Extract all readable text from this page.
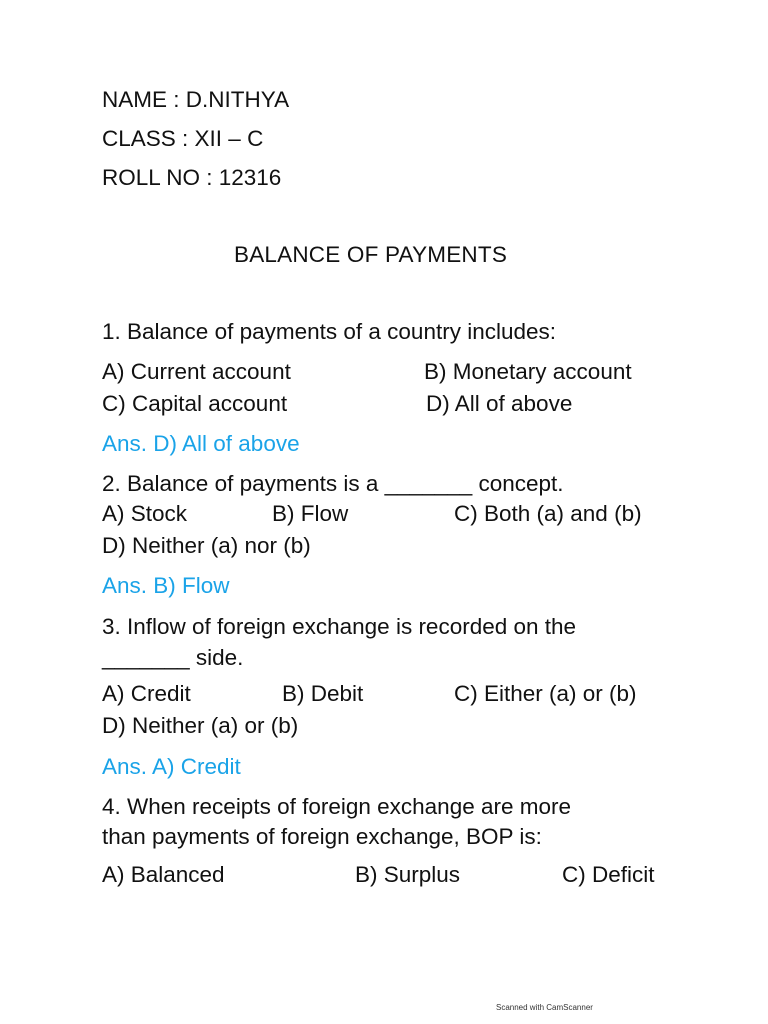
NAME : D.NITHYA
CLASS : XII – C
ROLL NO : 12316
BALANCE OF PAYMENTS
1. Balance of payments of a country includes:
A) Current account	B) Monetary account
C) Capital account	D) All of above
Ans. D) All of above
2. Balance of payments is a _______ concept.
A) Stock	B) Flow	C) Both (a) and (b)
D) Neither (a) nor (b)
Ans. B) Flow
3. Inflow of foreign exchange is recorded on the
_______ side.
A) Credit	B) Debit	C) Either (a) or (b)
D) Neither (a) or (b)
Ans. A) Credit
4. When receipts of foreign exchange are more
than payments of foreign exchange, BOP is:
A) Balanced	B) Surplus	C) Deficit
Scanned with CamScanner
